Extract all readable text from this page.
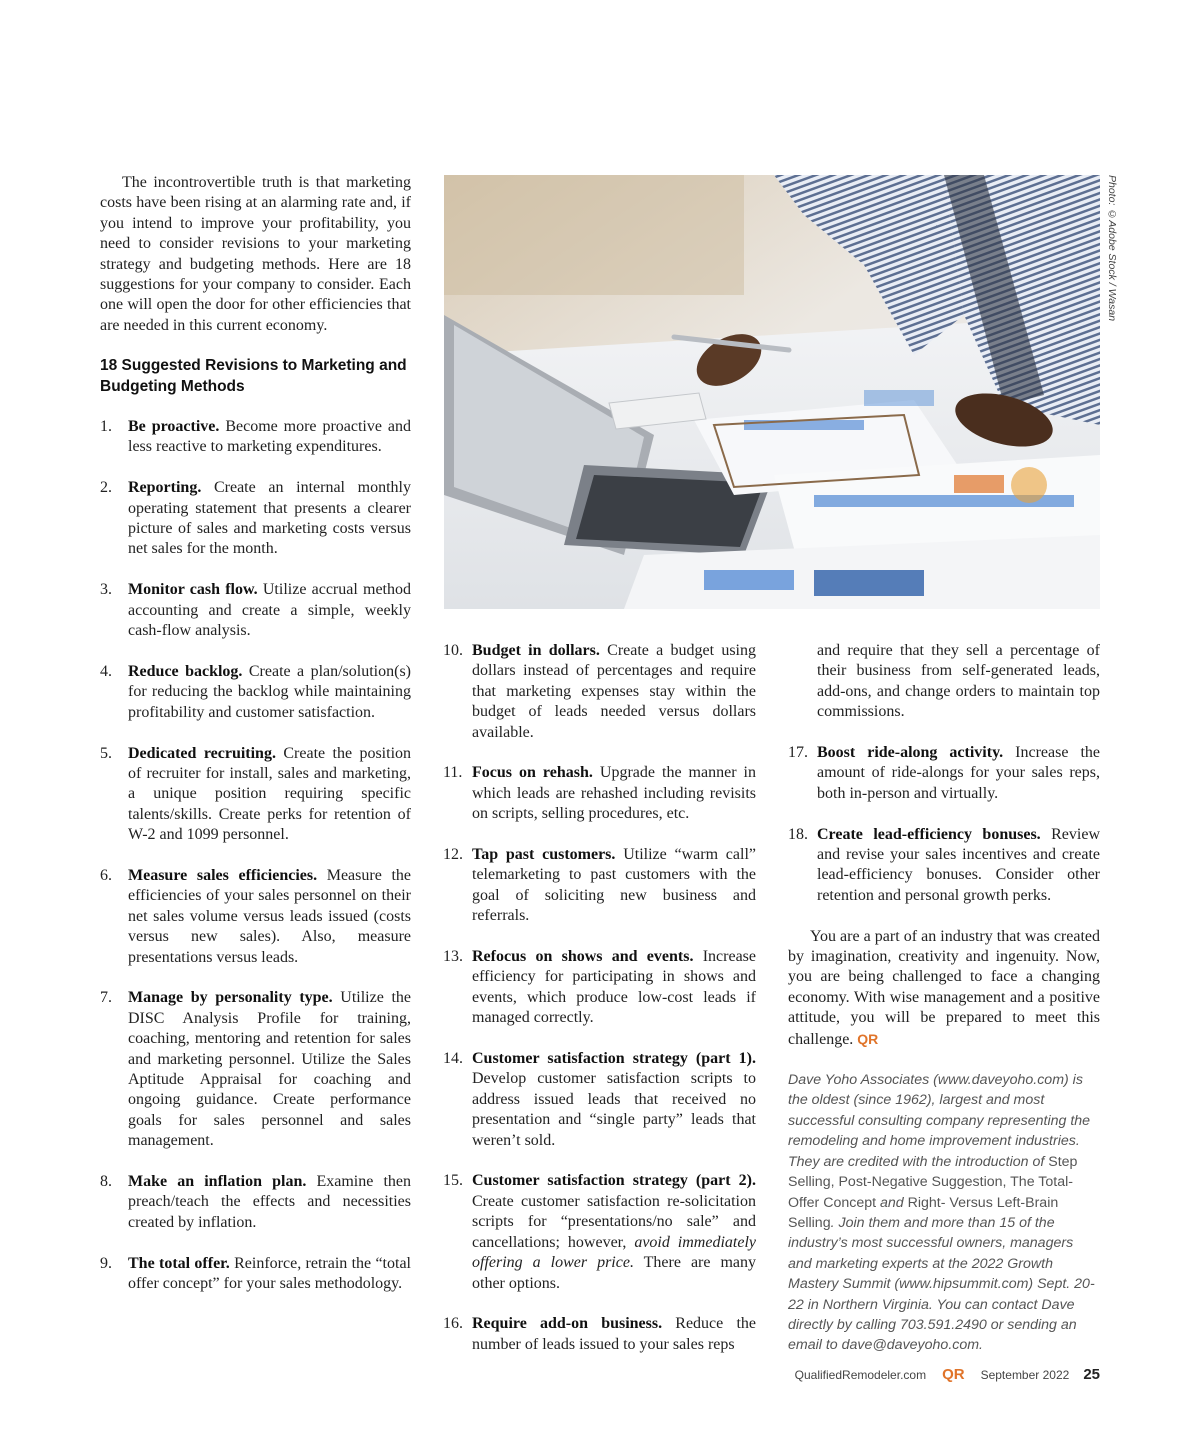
The incontrovertible truth is that marketing costs have been rising at an alarming rate and, if you intend to improve your profitability, you need to consider revisions to your marketing strategy and budgeting methods. Here are 18 suggestions for your company to consider. Each one will open the door for other efficiencies that are needed in this current economy.

18 Suggested Revisions to Marketing and Budgeting Methods
1. Be proactive. Become more proactive and less reactive to marketing expenditures.
2. Reporting. Create an internal monthly operating statement that presents a clearer picture of sales and marketing costs versus net sales for the month.
3. Monitor cash flow. Utilize accrual method accounting and create a simple, weekly cash-flow analysis.
4. Reduce backlog. Create a plan/solution(s) for reducing the backlog while maintaining profitability and customer satisfaction.
5. Dedicated recruiting. Create the position of recruiter for install, sales and marketing, a unique position requiring specific talents/skills. Create perks for retention of W-2 and 1099 personnel.
6. Measure sales efficiencies. Measure the efficiencies of your sales personnel on their net sales volume versus leads issued (costs versus new sales). Also, measure presentations versus leads.
7. Manage by personality type. Utilize the DISC Analysis Profile for training, coaching, mentoring and retention for sales and marketing personnel. Utilize the Sales Aptitude Appraisal for coaching and ongoing guidance. Create performance goals for sales personnel and sales management.
8. Make an inflation plan. Examine then preach/teach the effects and necessities created by inflation.
9. The total offer. Reinforce, retrain the “total offer concept” for your sales methodology.
Photo: ©Adobe Stock / Wasan
10. Budget in dollars. Create a budget using dollars instead of percentages and require that marketing expenses stay within the budget of leads needed versus dollars available.
11. Focus on rehash. Upgrade the manner in which leads are rehashed including revisits on scripts, selling procedures, etc.
12. Tap past customers. Utilize “warm call” telemarketing to past customers with the goal of soliciting new business and referrals.
13. Refocus on shows and events. Increase efficiency for participating in shows and events, which produce low-cost leads if managed correctly.
14. Customer satisfaction strategy (part 1). Develop customer satisfaction scripts to address issued leads that received no presentation and “single party” leads that weren’t sold.
15. Customer satisfaction strategy (part 2). Create customer satisfaction re-solicitation scripts for “presentations/no sale” and cancellations; however, avoid immediately offering a lower price. There are many other options.
16. Require add-on business. Reduce the number of leads issued to your sales reps
and require that they sell a percentage of their business from self-generated leads, add-ons, and change orders to maintain top commissions.
17. Boost ride-along activity. Increase the amount of ride-alongs for your sales reps, both in-person and virtually.
18. Create lead-efficiency bonuses. Review and revise your sales incentives and create lead-efficiency bonuses. Consider other retention and personal growth perks.

You are a part of an industry that was created by imagination, creativity and ingenuity. Now, you are being challenged to face a changing economy. With wise management and a positive attitude, you will be prepared to meet this challenge. QR

Dave Yoho Associates (www.daveyoho.com) is the oldest (since 1962), largest and most successful consulting company representing the remodeling and home improvement industries. They are credited with the introduction of Step Selling, Post-Negative Suggestion, The Total-Offer Concept and Right- Versus Left-Brain Selling. Join them and more than 15 of the industry’s most successful owners, managers and marketing experts at the 2022 Growth Mastery Summit (www.hipsummit.com) Sept. 20-22 in Northern Virginia. You can contact Dave directly by calling 703.591.2490 or sending an email to dave@daveyoho.com.
QualifiedRemodeler.com QR September 2022 25
